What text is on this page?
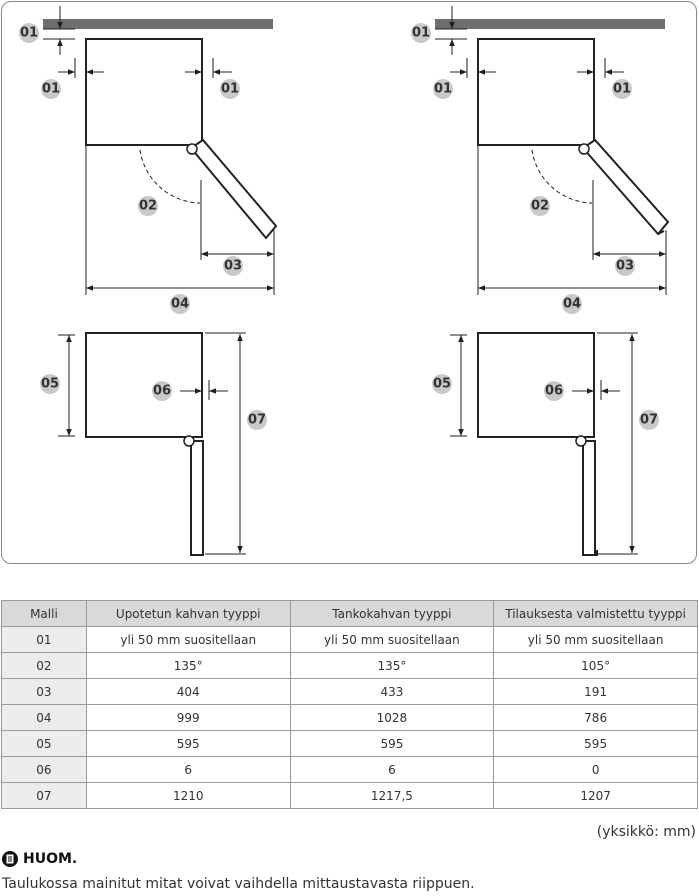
01
01	01
02
03
04
05	06
07
01
01	01
02
03
04
05	06
07
Malli	Upotetun kahvan tyyppi	Tankokahvan tyyppi	Tilauksesta valmistettu tyyppi
01	yli 50 mm suositellaan	yli 50 mm suositellaan	yli 50 mm suositellaan
02	135°	135°	105°
03	404	433	191
04	999	1028	786
05	595	595	595
06	6	6	0
07	1210	1217,5	1207
(yksikkö: mm)
HUOM.
Taulukossa mainitut mitat voivat vaihdella mittaustavasta riippuen.
